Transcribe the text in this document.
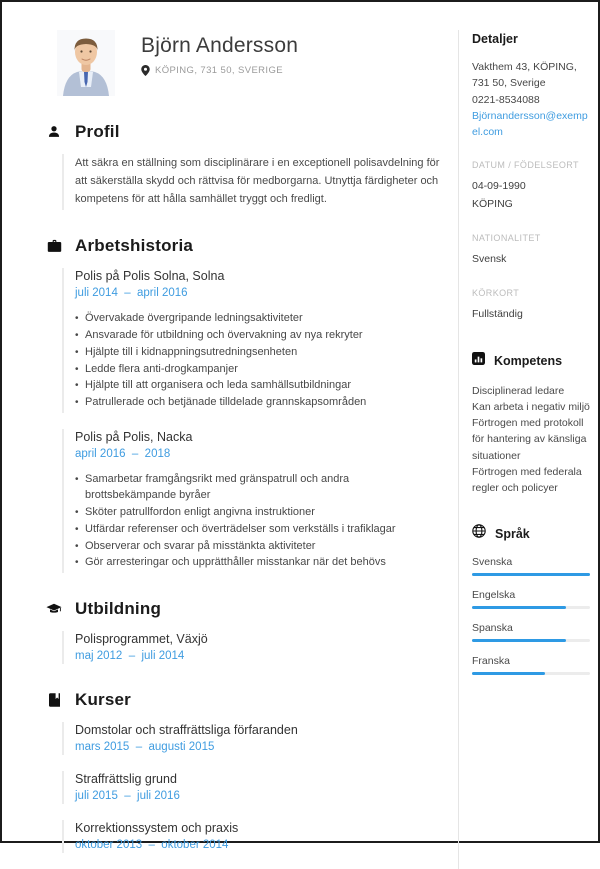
Björn Andersson
KÖPING, 731 50, SVERIGE
Profil

Att säkra en ställning som disciplinärare i en exceptionell polisavdelning för att säkerställa skydd och rättvisa för medborgarna. Utnyttja färdigheter och kompetens för att hålla samhället tryggt och fredligt.

Arbetshistoria
Polis på Polis Solna, Solna
juli 2014  –  april 2016
• Övervakade övergripande ledningsaktiviteter
• Ansvarade för utbildning och övervakning av nya rekryter
• Hjälpte till i kidnappningsutredningsenheten
• Ledde flera anti-drogkampanjer
• Hjälpte till att organisera och leda samhällsutbildningar
• Patrullerade och betjänade tilldelade grannskapsområden
Polis på Polis, Nacka
april 2016  –  2018
• Samarbetar framgångsrikt med gränspatrull och andra brottsbekämpande byråer
• Sköter patrullfordon enligt angivna instruktioner
• Utfärdar referenser och överträdelser som verkställs i trafiklagar
• Observerar och svarar på misstänkta aktiviteter
• Gör arresteringar och upprätthåller misstankar när det behövs
Utbildning
Polisprogrammet, Växjö
maj 2012  –  juli 2014
Kurser
Domstolar och straffrättsliga förfaranden
mars 2015  –  augusti 2015
Straffrättslig grund
juli 2015  –  juli 2016
Korrektionssystem och praxis
oktober 2013  –  oktober 2014
Detaljer
Vakthem 43, KÖPING,
731 50, Sverige
0221-8534088
Björnandersson@exempel.com
DATUM / FÖDELSEORT
04-09-1990
KÖPING
NATIONALITET
Svensk
KÖRKORT
Fullständig
Kompetens
Disciplinerad ledare
Kan arbeta i negativ miljö
Förtrogen med protokoll för hantering av känsliga situationer
Förtrogen med federala regler och policyer
Språk
Svenska
Engelska
Spanska
Franska
